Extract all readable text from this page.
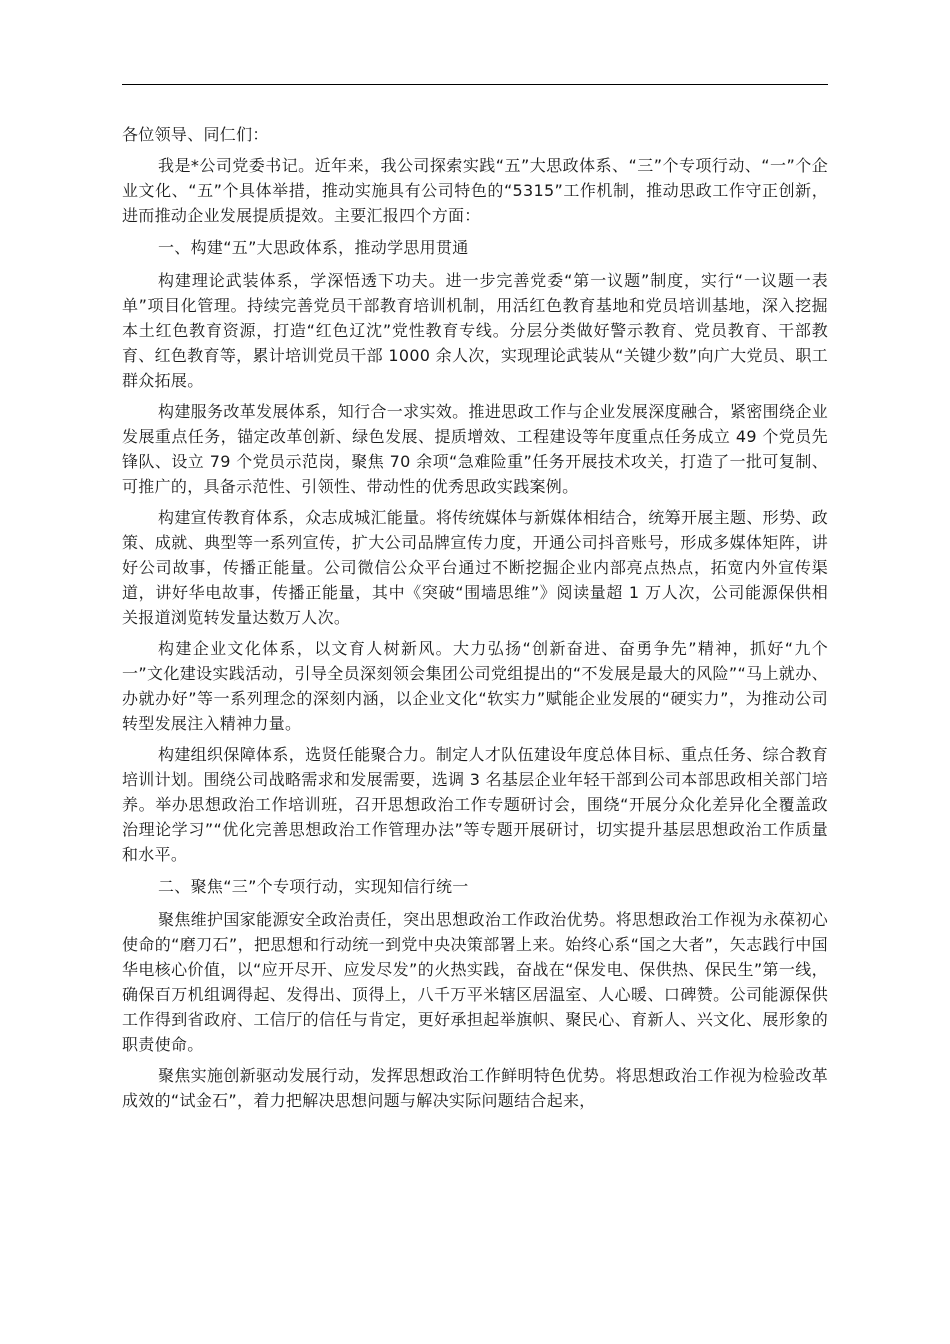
各位领导、同仁们：

我是*公司党委书记。近年来，我公司探索实践“五”大思政体系、“三”个专项行动、“一”个企业文化、“五”个具体举措，推动实施具有公司特色的“5315”工作机制，推动思政工作守正创新，进而推动企业发展提质提效。主要汇报四个方面：

一、构建“五”大思政体系，推动学思用贯通

构建理论武装体系，学深悟透下功夫。进一步完善党委“第一议题”制度，实行“一议题一表单”项目化管理。持续完善党员干部教育培训机制，用活红色教育基地和党员培训基地，深入挖掘本土红色教育资源，打造“红色辽沈”党性教育专线。分层分类做好警示教育、党员教育、干部教育、红色教育等，累计培训党员干部 1000 余人次，实现理论武装从“关键少数”向广大党员、职工群众拓展。

构建服务改革发展体系，知行合一求实效。推进思政工作与企业发展深度融合，紧密围绕企业发展重点任务，锚定改革创新、绿色发展、提质增效、工程建设等年度重点任务成立 49 个党员先锋队、设立 79 个党员示范岗，聚焦 70 余项“急难险重”任务开展技术攻关，打造了一批可复制、可推广的，具备示范性、引领性、带动性的优秀思政实践案例。

构建宣传教育体系，众志成城汇能量。将传统媒体与新媒体相结合，统筹开展主题、形势、政策、成就、典型等一系列宣传，扩大公司品牌宣传力度，开通公司抖音账号，形成多媒体矩阵，讲好公司故事，传播正能量。公司微信公众平台通过不断挖掘企业内部亮点热点，拓宽内外宣传渠道，讲好华电故事，传播正能量，其中《突破“围墙思维”》阅读量超 1 万人次，公司能源保供相关报道浏览转发量达数万人次。

构建企业文化体系，以文育人树新风。大力弘扬“创新奋进、奋勇争先”精神，抓好“九个一”文化建设实践活动，引导全员深刻领会集团公司党组提出的“不发展是最大的风险”“马上就办、办就办好”等一系列理念的深刻内涵，以企业文化“软实力”赋能企业发展的“硬实力”，为推动公司转型发展注入精神力量。

构建组织保障体系，选贤任能聚合力。制定人才队伍建设年度总体目标、重点任务、综合教育培训计划。围绕公司战略需求和发展需要，选调 3 名基层企业年轻干部到公司本部思政相关部门培养。举办思想政治工作培训班，召开思想政治工作专题研讨会，围绕“开展分众化差异化全覆盖政治理论学习”“优化完善思想政治工作管理办法”等专题开展研讨，切实提升基层思想政治工作质量和水平。

二、聚焦“三”个专项行动，实现知信行统一

聚焦维护国家能源安全政治责任，突出思想政治工作政治优势。将思想政治工作视为永葆初心使命的“磨刀石”，把思想和行动统一到党中央决策部署上来。始终心系“国之大者”，矢志践行中国华电核心价值，以“应开尽开、应发尽发”的火热实践，奋战在“保发电、保供热、保民生”第一线，确保百万机组调得起、发得出、顶得上，八千万平米辖区居温室、人心暖、口碑赞。公司能源保供工作得到省政府、工信厅的信任与肯定，更好承担起举旗帜、聚民心、育新人、兴文化、展形象的职责使命。

聚焦实施创新驱动发展行动，发挥思想政治工作鲜明特色优势。将思想政治工作视为检验改革成效的“试金石”，着力把解决思想问题与解决实际问题结合起来，
